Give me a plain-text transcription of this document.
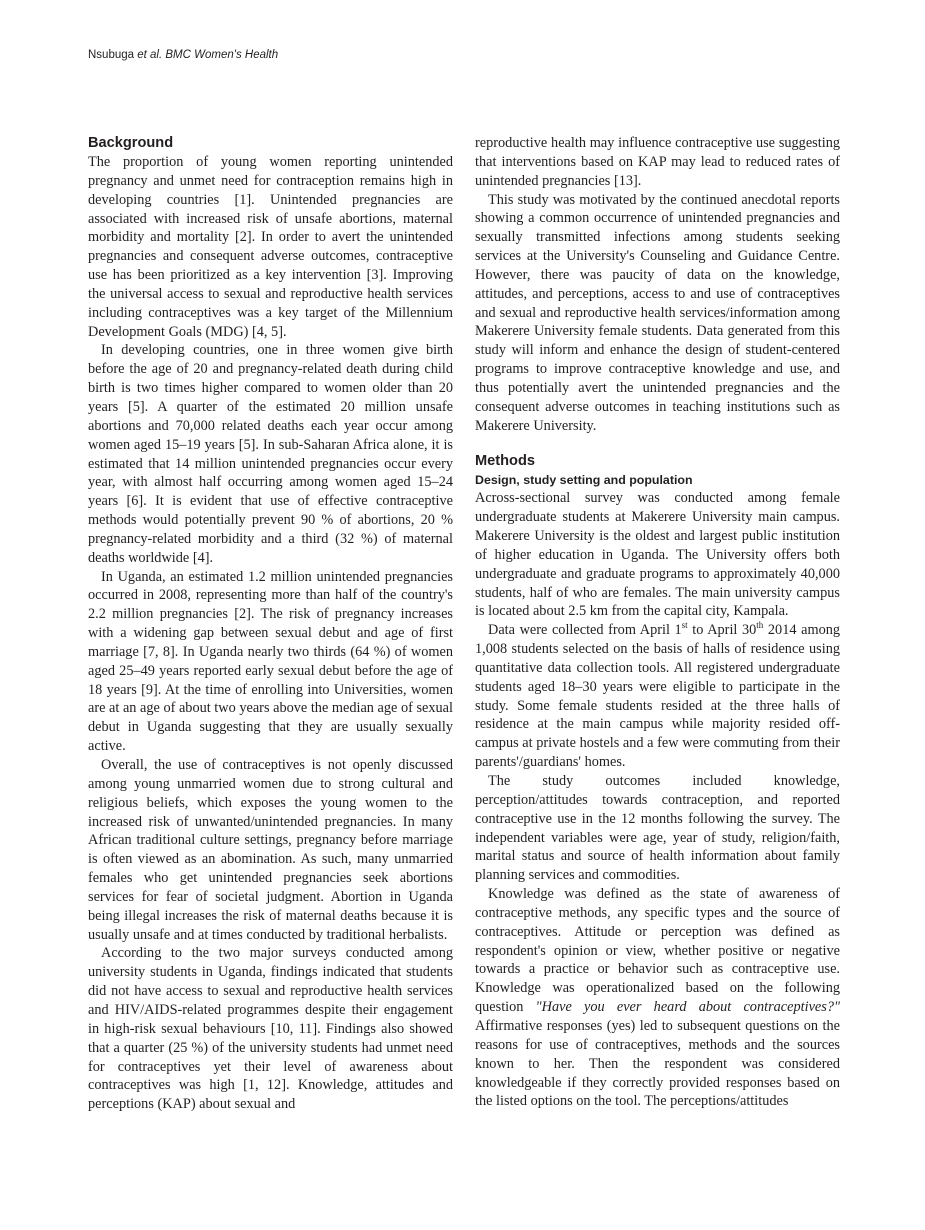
Nsubuga et al. BMC Women's Health
Background

The proportion of young women reporting unintended pregnancy and unmet need for contraception remains high in developing countries [1]. Unintended pregnancies are associated with increased risk of unsafe abortions, maternal morbidity and mortality [2]. In order to avert the unintended pregnancies and consequent adverse outcomes, contraceptive use has been prioritized as a key intervention [3]. Improving the universal access to sexual and reproductive health services including contraceptives was a key target of the Millennium Development Goals (MDG) [4, 5].

In developing countries, one in three women give birth before the age of 20 and pregnancy-related death during child birth is two times higher compared to women older than 20 years [5]. A quarter of the estimated 20 million unsafe abortions and 70,000 related deaths each year occur among women aged 15–19 years [5]. In sub-Saharan Africa alone, it is estimated that 14 million unintended pregnancies occur every year, with almost half occurring among women aged 15–24 years [6]. It is evident that use of effective contraceptive methods would potentially prevent 90 % of abortions, 20 % pregnancy-related morbidity and a third (32 %) of maternal deaths worldwide [4].

In Uganda, an estimated 1.2 million unintended pregnancies occurred in 2008, representing more than half of the country's 2.2 million pregnancies [2]. The risk of pregnancy increases with a widening gap between sexual debut and age of first marriage [7, 8]. In Uganda nearly two thirds (64 %) of women aged 25–49 years reported early sexual debut before the age of 18 years [9]. At the time of enrolling into Universities, women are at an age of about two years above the median age of sexual debut in Uganda suggesting that they are usually sexually active.

Overall, the use of contraceptives is not openly discussed among young unmarried women due to strong cultural and religious beliefs, which exposes the young women to the increased risk of unwanted/unintended pregnancies. In many African traditional culture settings, pregnancy before marriage is often viewed as an abomination. As such, many unmarried females who get unintended pregnancies seek abortions services for fear of societal judgment. Abortion in Uganda being illegal increases the risk of maternal deaths because it is usually unsafe and at times conducted by traditional herbalists.

According to the two major surveys conducted among university students in Uganda, findings indicated that students did not have access to sexual and reproductive health services and HIV/AIDS-related programmes despite their engagement in high-risk sexual behaviours [10, 11]. Findings also showed that a quarter (25 %) of the university students had unmet need for contraceptives yet their level of awareness about contraceptives was high [1, 12]. Knowledge, attitudes and perceptions (KAP) about sexual and

reproductive health may influence contraceptive use suggesting that interventions based on KAP may lead to reduced rates of unintended pregnancies [13].

This study was motivated by the continued anecdotal reports showing a common occurrence of unintended pregnancies and sexually transmitted infections among students seeking services at the University's Counseling and Guidance Centre. However, there was paucity of data on the knowledge, attitudes, and perceptions, access to and use of contraceptives and sexual and reproductive health services/information among Makerere University female students. Data generated from this study will inform and enhance the design of student-centered programs to improve contraceptive knowledge and use, and thus potentially avert the unintended pregnancies and the consequent adverse outcomes in teaching institutions such as Makerere University.

Methods
Design, study setting and population

Across-sectional survey was conducted among female undergraduate students at Makerere University main campus. Makerere University is the oldest and largest public institution of higher education in Uganda. The University offers both undergraduate and graduate programs to approximately 40,000 students, half of who are females. The main university campus is located about 2.5 km from the capital city, Kampala.

Data were collected from April 1st to April 30th 2014 among 1,008 students selected on the basis of halls of residence using quantitative data collection tools. All registered undergraduate students aged 18–30 years were eligible to participate in the study. Some female students resided at the three halls of residence at the main campus while majority resided off-campus at private hostels and a few were commuting from their parents'/guardians' homes.

The study outcomes included knowledge, perception/attitudes towards contraception, and reported contraceptive use in the 12 months following the survey. The independent variables were age, year of study, religion/faith, marital status and source of health information about family planning services and commodities.

Knowledge was defined as the state of awareness of contraceptive methods, any specific types and the source of contraceptives. Attitude or perception was defined as respondent's opinion or view, whether positive or negative towards a practice or behavior such as contraceptive use. Knowledge was operationalized based on the following question "Have you ever heard about contraceptives?" Affirmative responses (yes) led to subsequent questions on the reasons for use of contraceptives, methods and the sources known to her. Then the respondent was considered knowledgeable if they correctly provided responses based on the listed options on the tool. The perceptions/attitudes
